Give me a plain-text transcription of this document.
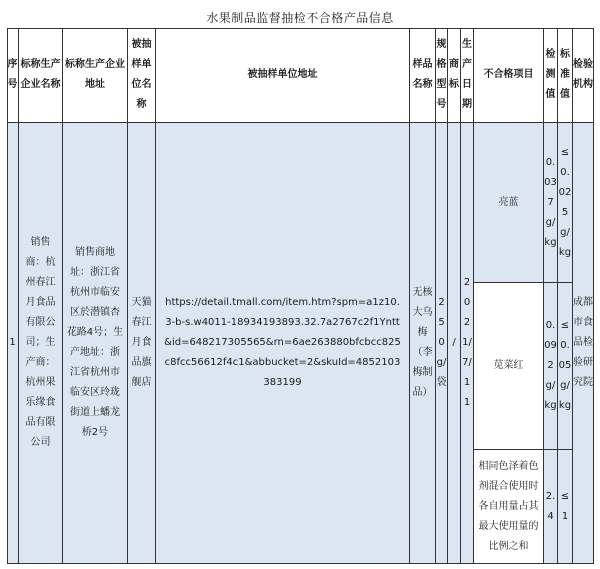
水果制品监督抽检不合格产品信息
序号
标称生产企业名称
标称生产企业地址
被抽样单位名称
被抽样单位地址
样品名称
规格型号
商标
生产日期
不合格项目
检测值
标准值
检验机构
1
销售商：杭州春江月食品有限公司；生产商：杭州果乐缘食品有限公司
销售商地址：浙江省杭州市临安区於潜镇杏花路4号；生产地址：浙江省杭州市临安区玲珑街道上蟠龙桥2号
天猫春江月食品旗舰店
https://detail.tmall.com/item.htm?spm=a1z10.3-b-s.w4011-18934193893.32.7a2767c2f1Yntt&id=648217305565&rn=6ae263880bfcbcc825c8fcc56612f4c1&abbucket=2&skuId=4852103383199
无核大乌梅（李梅制品）
250g/袋
/
2021/7/11
亮蓝
0.037g/kg
≤0.025g/kg
苋菜红
0.092g/kg
≤0.05g/kg
相同色泽着色剂混合使用时各自用量占其最大使用量的比例之和
2.4
≤1
成都市食品检验研究院
